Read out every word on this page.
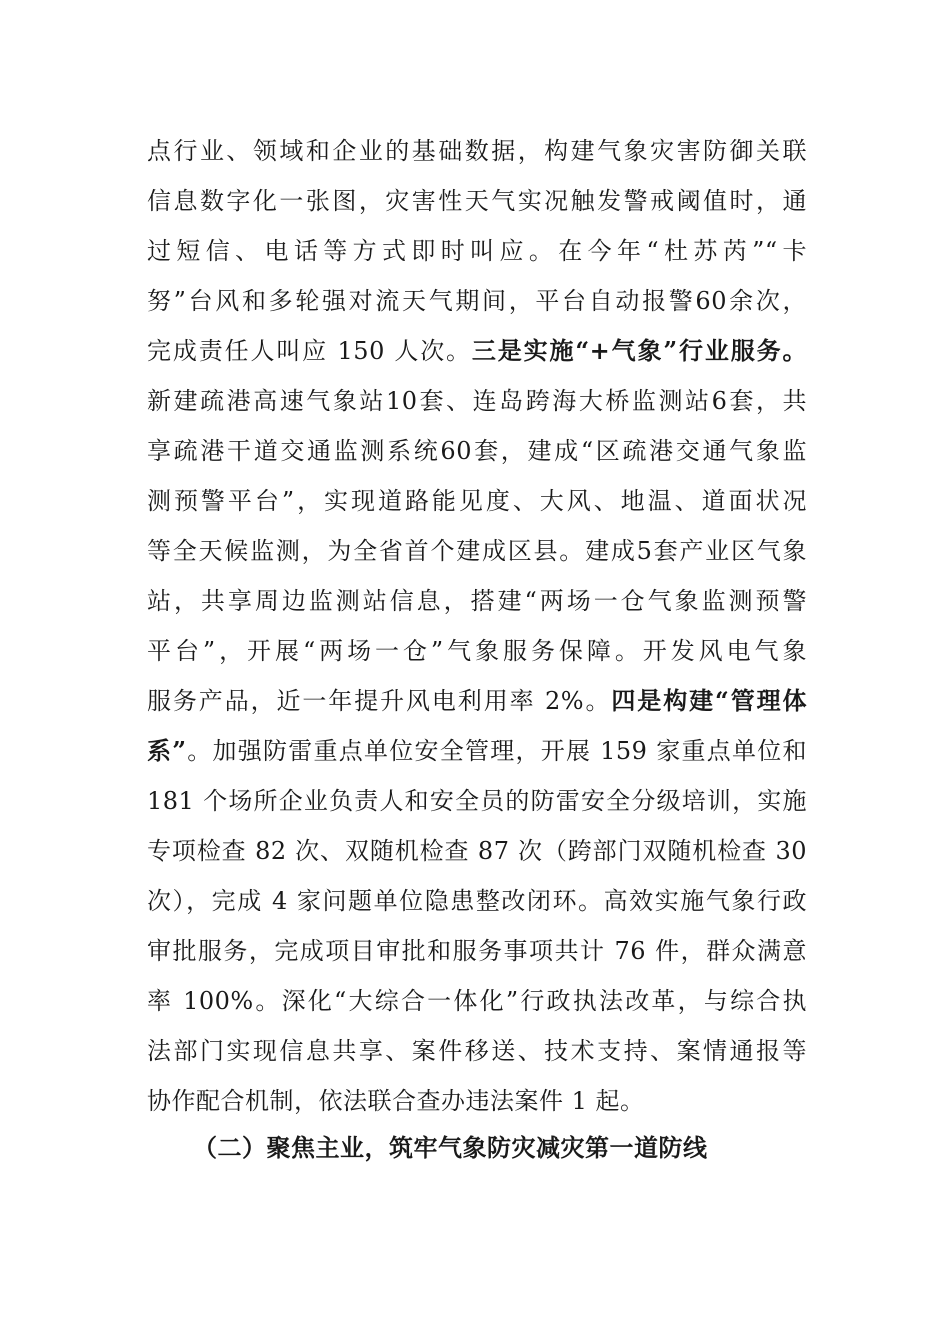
点行业、领域和企业的基础数据，构建气象灾害防御关联
信息数字化一张图，灾害性天气实况触发警戒阈值时，通
过短信、电话等方式即时叫应。在今年“杜苏芮”“卡
努”台风和多轮强对流天气期间，平台自动报警60余次，
完成责任人叫应 150 人次。三是实施“+气象”行业服务。
新建疏港高速气象站10套、连岛跨海大桥监测站6套，共
享疏港干道交通监测系统60套，建成“区疏港交通气象监
测预警平台”，实现道路能见度、大风、地温、道面状况
等全天候监测，为全省首个建成区县。建成5套产业区气象
站，共享周边监测站信息，搭建“两场一仓气象监测预警
平台”，开展“两场一仓”气象服务保障。开发风电气象
服务产品，近一年提升风电利用率 2%。四是构建“管理体
系”。加强防雷重点单位安全管理，开展 159 家重点单位和
181 个场所企业负责人和安全员的防雷安全分级培训，实施
专项检查 82 次、双随机检查 87 次（跨部门双随机检查 30
次），完成 4 家问题单位隐患整改闭环。高效实施气象行政
审批服务，完成项目审批和服务事项共计 76 件，群众满意
率 100%。深化“大综合一体化”行政执法改革，与综合执
法部门实现信息共享、案件移送、技术支持、案情通报等
协作配合机制，依法联合查办违法案件 1 起。
（二）聚焦主业，筑牢气象防灾减灾第一道防线
